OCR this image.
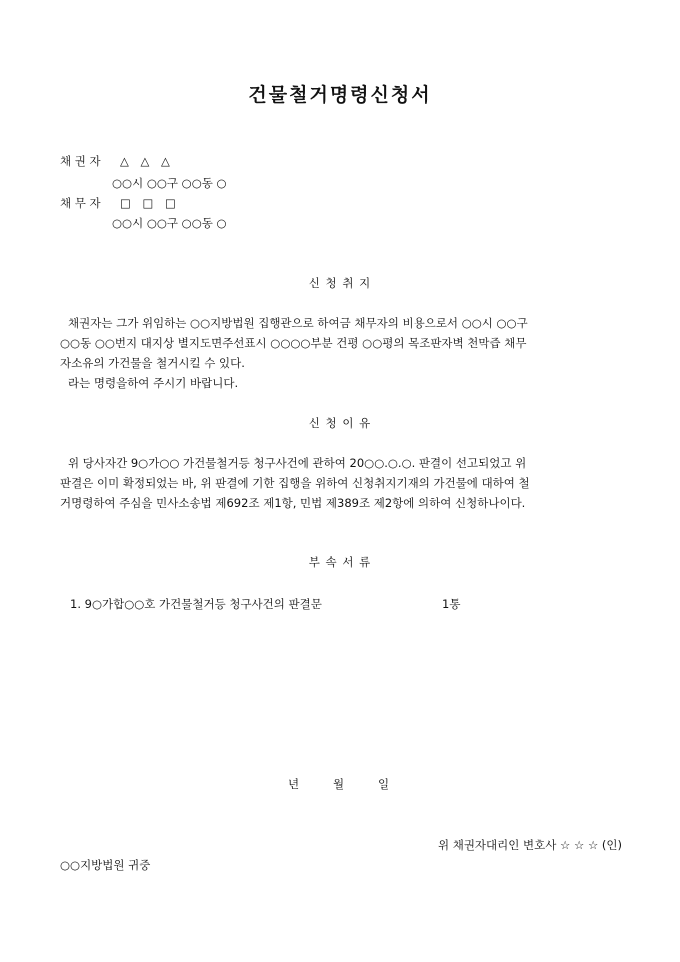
건물철거명령신청서
채 권 자 △ △ △
○○시 ○○구 ○○동 ○
채 무 자 □ □ □
○○시 ○○구 ○○동 ○
신 청 취 지

채권자는 그가 위임하는 ○○지방법원 집행관으로 하여금 채무자의 비용으로서 ○○시 ○○구

○○동 ○○번지 대지상 별지도면주선표시 ○○○○부분 건평 ○○평의 목조판자벽 천막즙 채무

자소유의 가건물을 철거시킬 수 있다.

라는 명령을하여 주시기 바랍니다.

신 청 이 유

위 당사자간 9○가○○ 가건물철거등 청구사건에 관하여 20○○.○.○. 판결이 선고되었고 위

판결은 이미 확정되었는 바, 위 판결에 기한 집행을 위하여 신청취지기재의 가건물에 대하여 철

거명령하여 주심을 민사소송법 제692조 제1항, 민법 제389조 제2항에 의하여 신청하나이다.

부 속 서 류
1. 9○가합○○호 가건물철거등 청구사건의 판결문	1통
년	월	일
위 채권자대리인 변호사 ☆ ☆ ☆ (인)
○○지방법원 귀중
